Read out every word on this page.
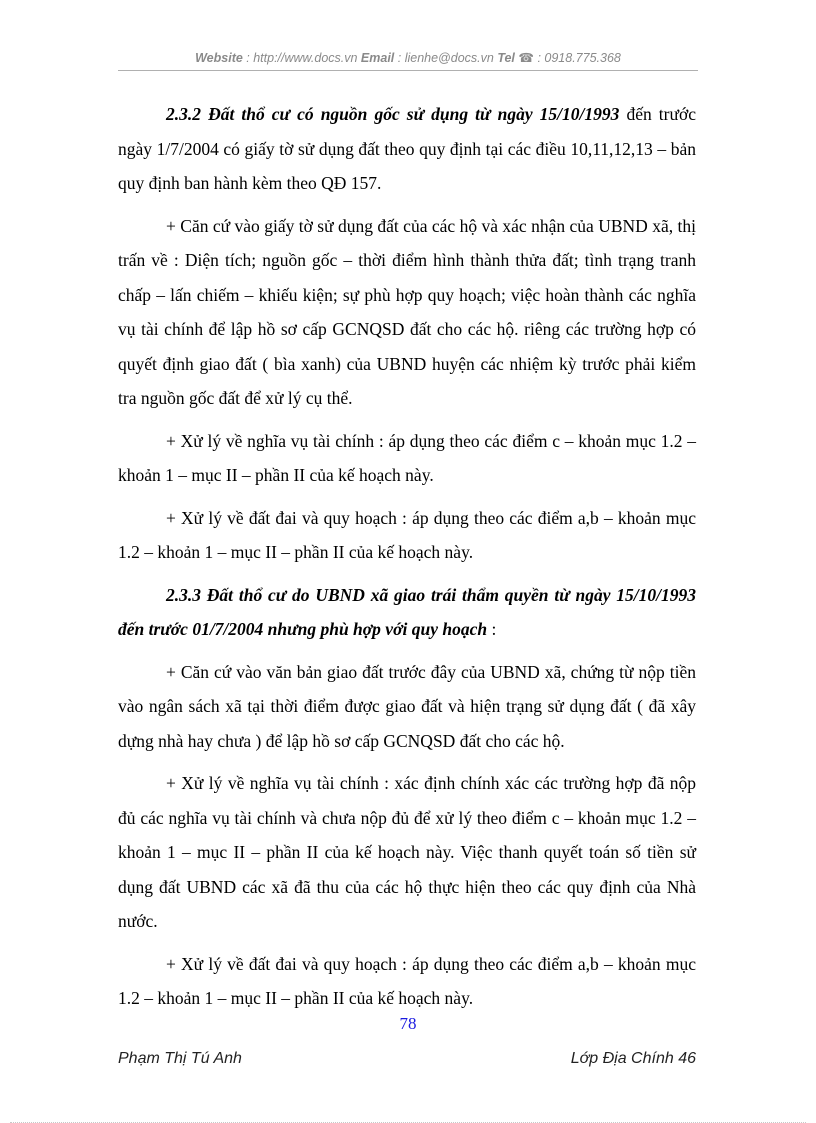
Website : http://www.docs.vn Email : lienhe@docs.vn Tel ☎ : 0918.775.368

2.3.2 Đất thổ cư có nguồn gốc sử dụng từ ngày 15/10/1993 đến trước ngày 1/7/2004 có giấy tờ sử dụng đất theo quy định tại các điều 10,11,12,13 – bản quy định ban hành kèm theo QĐ 157.

+ Căn cứ vào giấy tờ sử dụng đất của các hộ và xác nhận của UBND xã, thị trấn về : Diện tích; nguồn gốc – thời điểm hình thành thửa đất; tình trạng tranh chấp – lấn chiếm – khiếu kiện; sự phù hợp quy hoạch; việc hoàn thành các nghĩa vụ tài chính để lập hồ sơ cấp GCNQSD đất cho các hộ. riêng các trường hợp có quyết định giao đất ( bìa xanh) của UBND huyện các nhiệm kỳ trước phải kiểm tra nguồn gốc đất để xử lý cụ thể.

+ Xử lý về nghĩa vụ tài chính : áp dụng theo các điểm c – khoản mục 1.2 – khoản 1 – mục II – phần II của kế hoạch này.

+ Xử lý về đất đai và quy hoạch : áp dụng theo các điểm a,b – khoản mục 1.2 – khoản 1 – mục II – phần II của kế hoạch này.

2.3.3 Đất thổ cư do UBND xã giao trái thẩm quyền từ ngày 15/10/1993 đến trước 01/7/2004 nhưng phù hợp với quy hoạch :

+ Căn cứ vào văn bản giao đất trước đây của UBND xã, chứng từ nộp tiền vào ngân sách xã tại thời điểm được giao đất và hiện trạng sử dụng đất ( đã xây dựng nhà hay chưa ) để lập hồ sơ cấp GCNQSD đất cho các hộ.

+ Xử lý về nghĩa vụ tài chính : xác định chính xác các trường hợp đã nộp đủ các nghĩa vụ tài chính và chưa nộp đủ để xử lý theo điểm c – khoản mục 1.2 – khoản 1 – mục II – phần II của kế hoạch này. Việc thanh quyết toán số tiền sử dụng đất UBND các xã đã thu của các hộ thực hiện theo các quy định của Nhà nước.

+ Xử lý về đất đai và quy hoạch : áp dụng theo các điểm a,b – khoản mục 1.2 – khoản 1 – mục II – phần II của kế hoạch này.

78
Phạm Thị Tú Anh	Lớp Địa Chính 46
